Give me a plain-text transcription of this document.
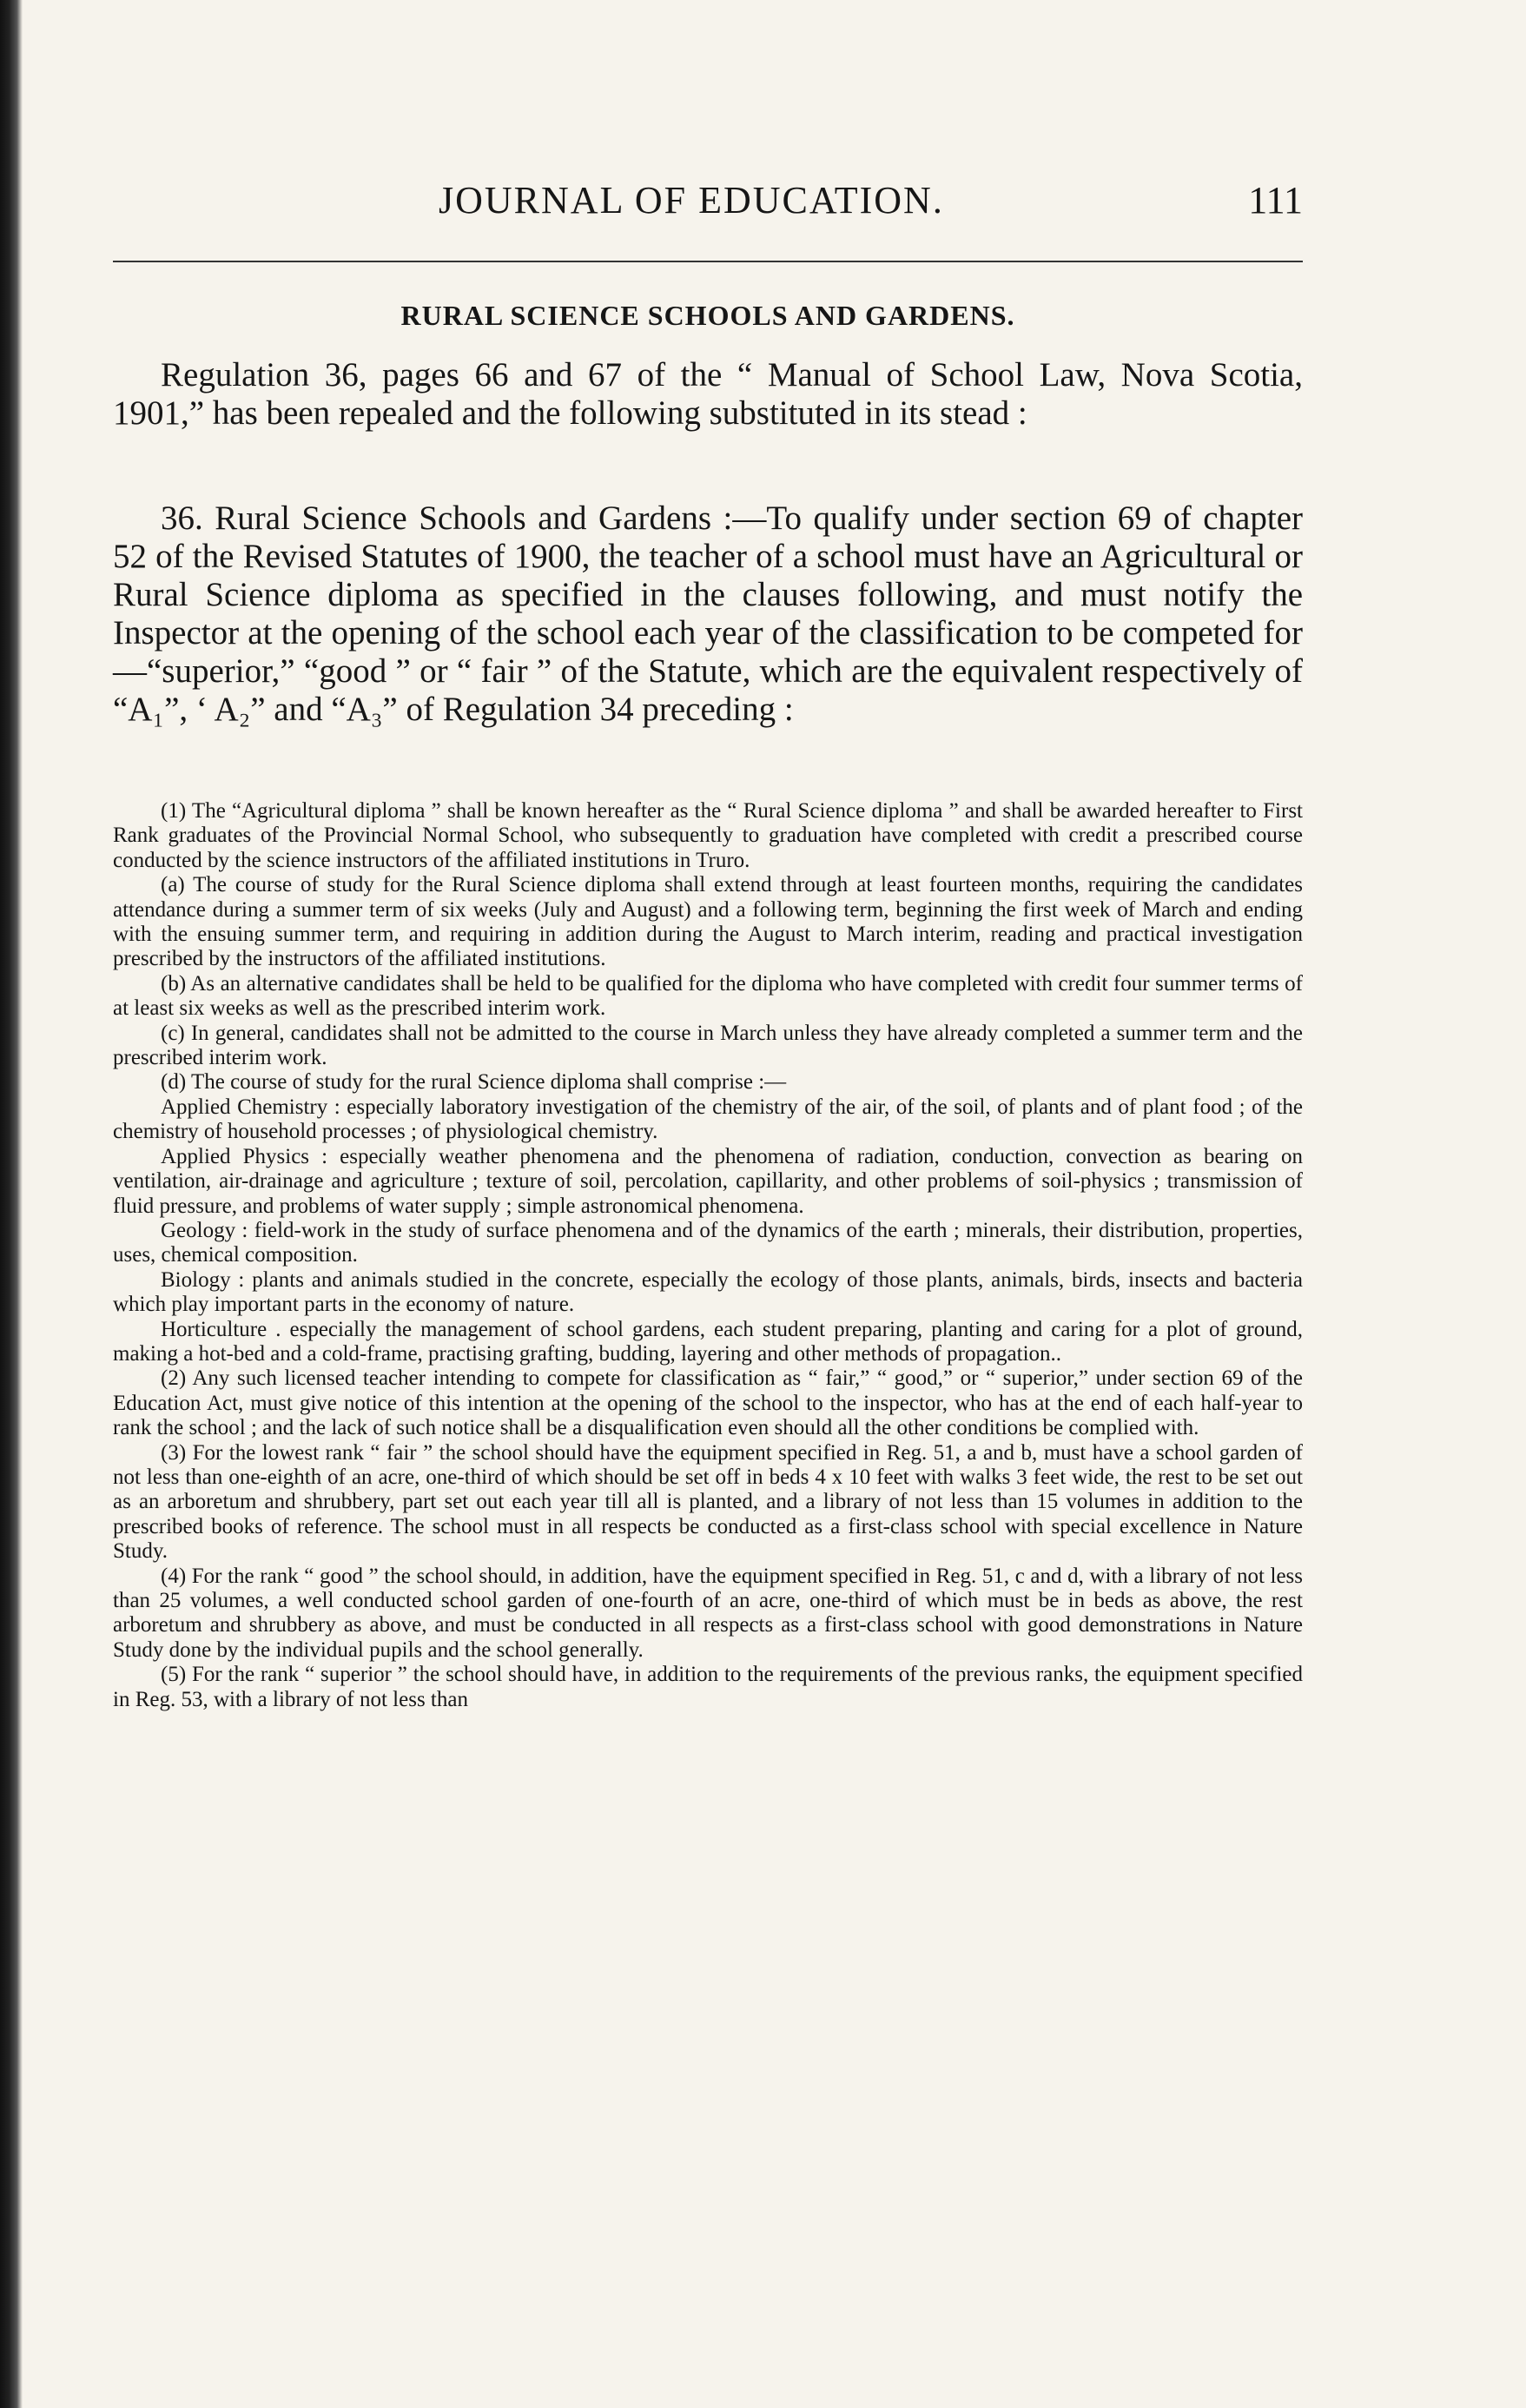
JOURNAL OF EDUCATION.	111
RURAL SCIENCE SCHOOLS AND GARDENS.
Regulation 36, pages 66 and 67 of the “ Manual of School Law, Nova Scotia, 1901,” has been repealed and the following substituted in its stead :
36. Rural Science Schools and Gardens :—To qualify under section 69 of chapter 52 of the Revised Statutes of 1900, the teacher of a school must have an Agricultural or Rural Science diploma as specified in the clauses following, and must notify the Inspector at the opening of the school each year of the classification to be competed for—“superior,” “good ” or “ fair ” of the Statute, which are the equivalent respectively of “A₁”, ‘ A₂” and “A₃” of Regulation 34 preceding :

(1) The “Agricultural diploma ” shall be known hereafter as the “ Rural Science diploma ” and shall be awarded hereafter to First Rank graduates of the Provincial Normal School, who subsequently to graduation have completed with credit a prescribed course conducted by the science instructors of the affiliated institutions in Truro.

(a) The course of study for the Rural Science diploma shall extend through at least fourteen months, requiring the candidates attendance during a summer term of six weeks (July and August) and a following term, beginning the first week of March and ending with the ensuing summer term, and requiring in addition during the August to March interim, reading and practical investigation prescribed by the instructors of the affiliated institutions.

(b) As an alternative candidates shall be held to be qualified for the diploma who have completed with credit four summer terms of at least six weeks as well as the prescribed interim work.

(c) In general, candidates shall not be admitted to the course in March unless they have already completed a summer term and the prescribed interim work.

(d) The course of study for the rural Science diploma shall comprise :—

Applied Chemistry : especially laboratory investigation of the chemistry of the air, of the soil, of plants and of plant food ; of the chemistry of household processes ; of physiological chemistry.

Applied Physics : especially weather phenomena and the phenomena of radiation, conduction, convection as bearing on ventilation, air-drainage and agriculture ; texture of soil, percolation, capillarity, and other problems of soil-physics ; transmission of fluid pressure, and problems of water supply ; simple astronomical phenomena.

Geology : field-work in the study of surface phenomena and of the dynamics of the earth ; minerals, their distribution, properties, uses, chemical composition.

Biology : plants and animals studied in the concrete, especially the ecology of those plants, animals, birds, insects and bacteria which play important parts in the economy of nature.

Horticulture . especially the management of school gardens, each student preparing, planting and caring for a plot of ground, making a hot-bed and a cold-frame, practising grafting, budding, layering and other methods of propagation..

(2) Any such licensed teacher intending to compete for classification as “ fair,” “ good,” or “ superior,” under section 69 of the Education Act, must give notice of this intention at the opening of the school to the inspector, who has at the end of each half-year to rank the school ; and the lack of such notice shall be a disqualification even should all the other conditions be complied with.

(3) For the lowest rank “ fair ” the school should have the equipment specified in Reg. 51, a and b, must have a school garden of not less than one-eighth of an acre, one-third of which should be set off in beds 4 x 10 feet with walks 3 feet wide, the rest to be set out as an arboretum and shrubbery, part set out each year till all is planted, and a library of not less than 15 volumes in addition to the prescribed books of reference. The school must in all respects be conducted as a first-class school with special excellence in Nature Study.

(4) For the rank “ good ” the school should, in addition, have the equipment specified in Reg. 51, c and d, with a library of not less than 25 volumes, a well conducted school garden of one-fourth of an acre, one-third of which must be in beds as above, the rest arboretum and shrubbery as above, and must be conducted in all respects as a first-class school with good demonstrations in Nature Study done by the individual pupils and the school generally.

(5) For the rank “ superior ” the school should have, in addition to the requirements of the previous ranks, the equipment specified in Reg. 53, with a library of not less than
